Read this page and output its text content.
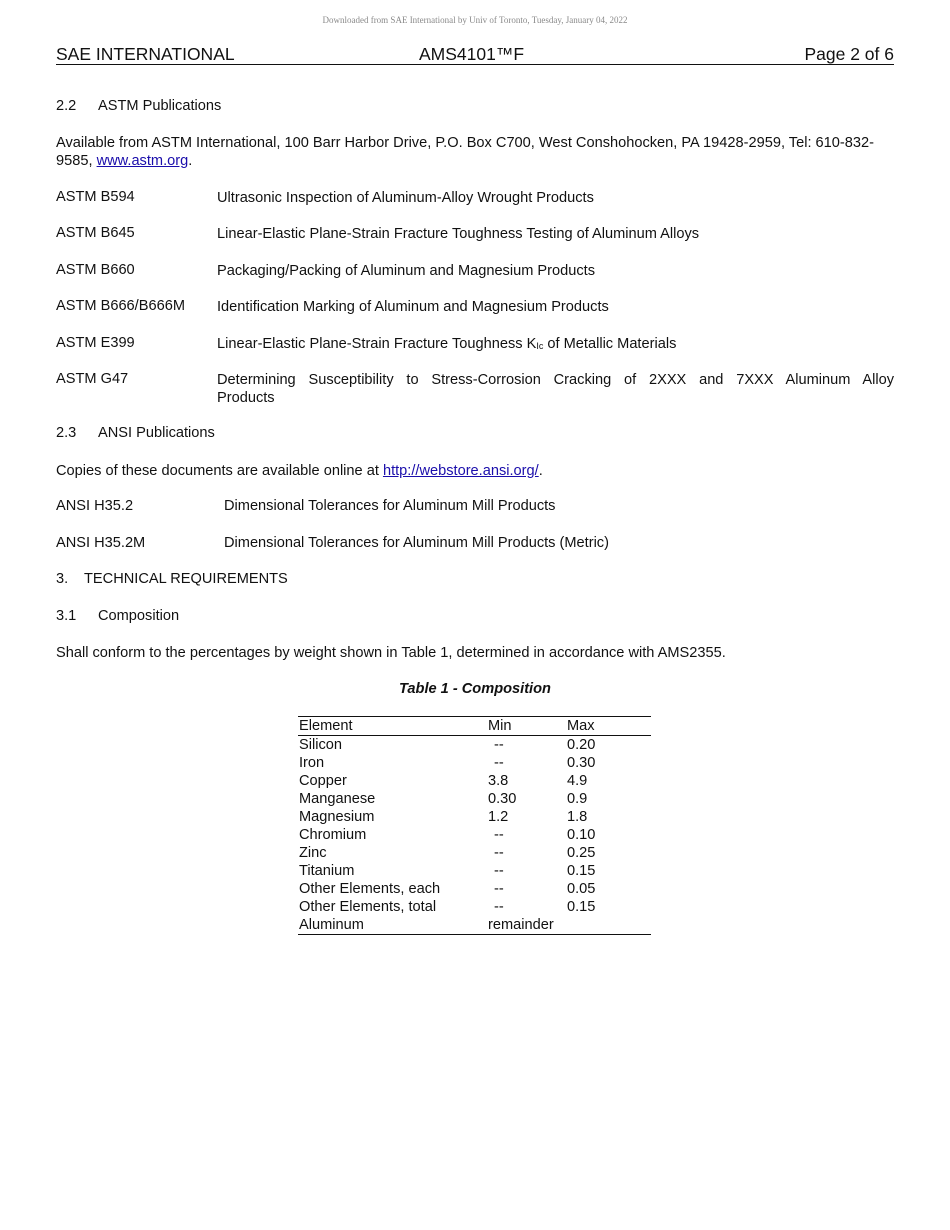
Downloaded from SAE International by Univ of Toronto, Tuesday, January 04, 2022
SAE INTERNATIONAL	AMS4101™F	Page 2 of 6
2.2 ASTM Publications
Available from ASTM International, 100 Barr Harbor Drive, P.O. Box C700, West Conshohocken, PA 19428-2959, Tel: 610-832-9585, www.astm.org.
ASTM B594	Ultrasonic Inspection of Aluminum-Alloy Wrought Products
ASTM B645	Linear-Elastic Plane-Strain Fracture Toughness Testing of Aluminum Alloys
ASTM B660	Packaging/Packing of Aluminum and Magnesium Products
ASTM B666/B666M Identification Marking of Aluminum and Magnesium Products
ASTM E399	Linear-Elastic Plane-Strain Fracture Toughness $K_{Ic}$ of Metallic Materials
ASTM G47	Determining Susceptibility to Stress-Corrosion Cracking of 2XXX and 7XXX Aluminum Alloy
Products
2.3 ANSI Publications
Copies of these documents are available online at http://webstore.ansi.org/.
ANSI H35.2	Dimensional Tolerances for Aluminum Mill Products
ANSI H35.2M	Dimensional Tolerances for Aluminum Mill Products (Metric)
3. TECHNICAL REQUIREMENTS
3.1 Composition
Shall conform to the percentages by weight shown in Table 1, determined in accordance with AMS2355.
Table 1 - Composition
Element	Min	Max
Silicon	--	0.20
Iron	--	0.30
Copper	3.8	4.9
Manganese	0.30	0.9
Magnesium	1.2	1.8
Chromium	--	0.10
Zinc	--	0.25
Titanium	--	0.15
Other Elements, each	--	0.05
Other Elements, total	--	0.15
Aluminum	remainder
